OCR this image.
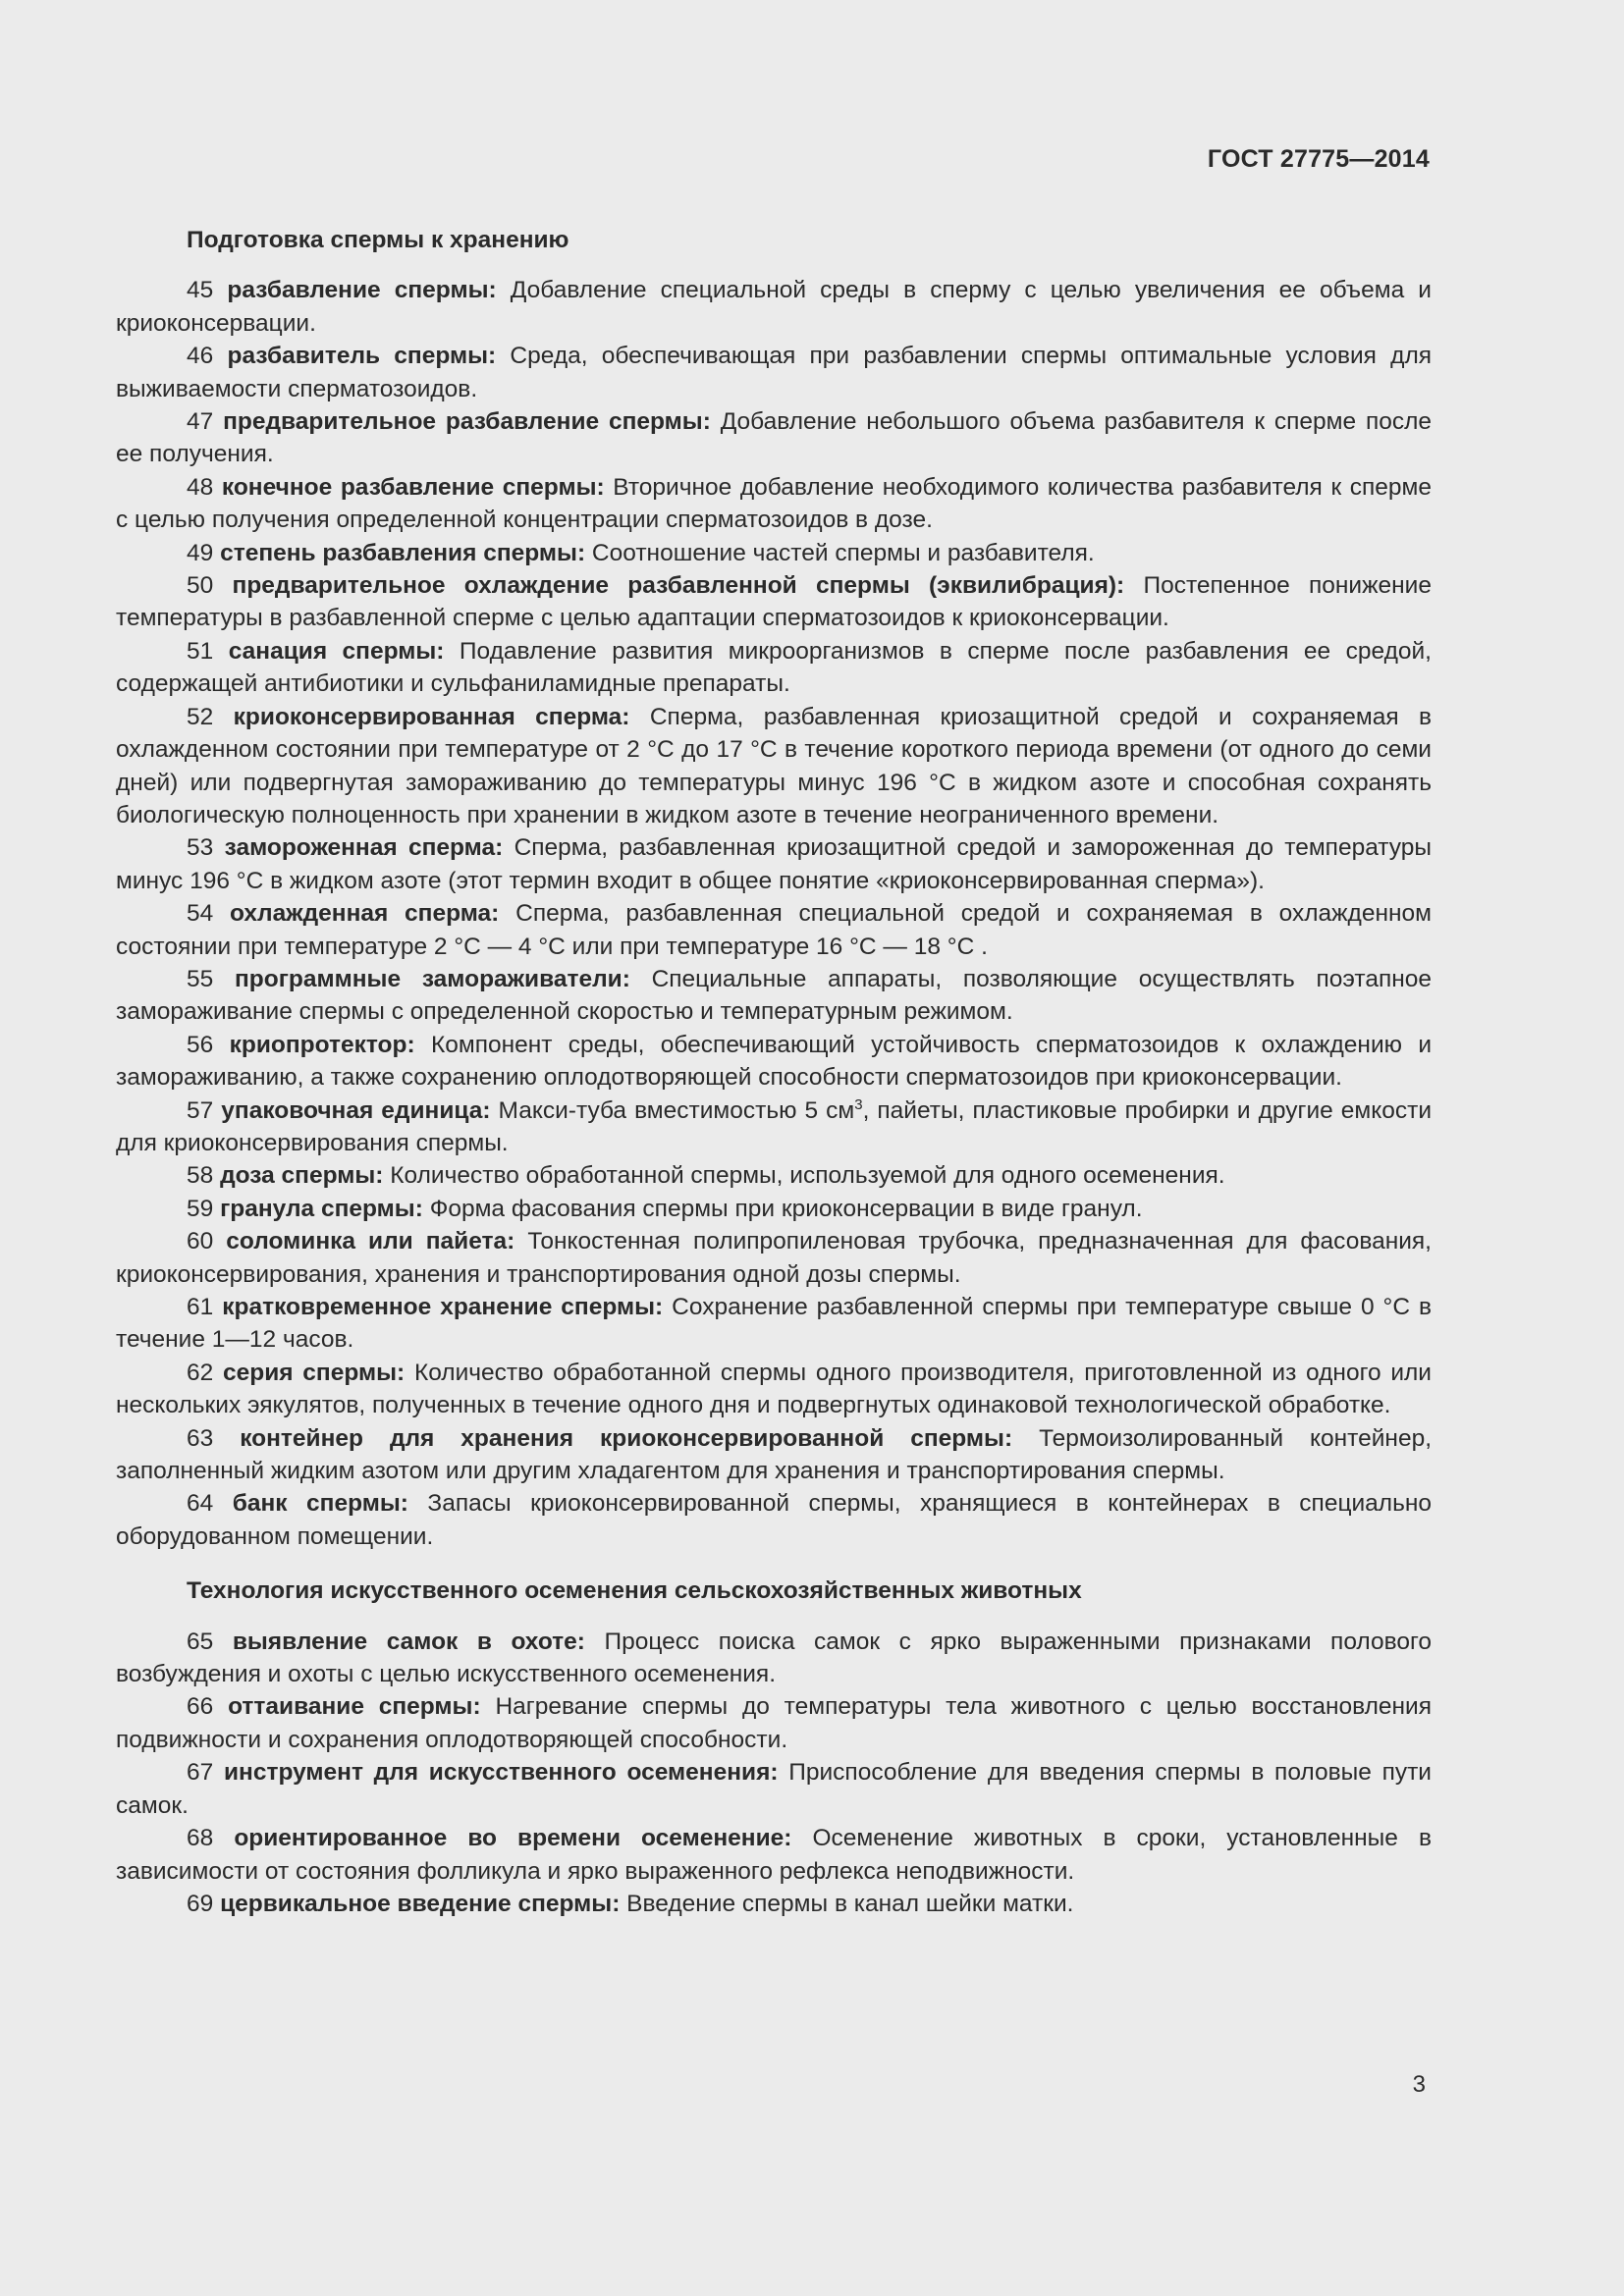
ГОСТ 27775—2014

Подготовка спермы к хранению

45 разбавление спермы: Добавление специальной среды в сперму с целью увеличения ее объема и криоконсервации.

46 разбавитель спермы: Среда, обеспечивающая при разбавлении спермы оптимальные условия для выживаемости сперматозоидов.

47 предварительное разбавление спермы: Добавление небольшого объема разбавителя к сперме после ее получения.

48 конечное разбавление спермы: Вторичное добавление необходимого количества разбавителя к сперме с целью получения определенной концентрации сперматозоидов в дозе.

49 степень разбавления спермы: Соотношение частей спермы и разбавителя.

50 предварительное охлаждение разбавленной спермы (эквилибрация): Постепенное понижение температуры в разбавленной сперме с целью адаптации сперматозоидов к криоконсервации.

51 санация спермы: Подавление развития микроорганизмов в сперме после разбавления ее средой, содержащей антибиотики и сульфаниламидные препараты.

52 криоконсервированная сперма: Сперма, разбавленная криозащитной средой и сохраняемая в охлажденном состоянии при температуре от 2 °С до 17 °С в течение короткого периода времени (от одного до семи дней) или подвергнутая замораживанию до температуры минус 196 °С в жидком азоте и способная сохранять биологическую полноценность при хранении в жидком азоте в течение неограниченного времени.

53 замороженная сперма: Сперма, разбавленная криозащитной средой и замороженная до температуры минус 196 °С в жидком азоте (этот термин входит в общее понятие «криоконсервированная сперма»).

54 охлажденная сперма: Сперма, разбавленная специальной средой и сохраняемая в охлажденном состоянии при температуре 2 °С — 4 °С или при температуре 16 °С — 18 °С .

55 программные замораживатели: Специальные аппараты, позволяющие осуществлять поэтапное замораживание спермы с определенной скоростью и температурным режимом.

56 криопротектор: Компонент среды, обеспечивающий устойчивость сперматозоидов к охлаждению и замораживанию, а также сохранению оплодотворяющей способности сперматозоидов при криоконсервации.

57 упаковочная единица: Макси-туба вместимостью 5 $см^3$, пайеты, пластиковые пробирки и другие емкости для криоконсервирования спермы.

58 доза спермы: Количество обработанной спермы, используемой для одного осеменения.

59 гранула спермы: Форма фасования спермы при криоконсервации в виде гранул.

60 соломинка или пайета: Тонкостенная полипропиленовая трубочка, предназначенная для фасования, криоконсервирования, хранения и транспортирования одной дозы спермы.

61 кратковременное хранение спермы: Сохранение разбавленной спермы при температуре свыше 0 °С в течение 1—12 часов.

62 серия спермы: Количество обработанной спермы одного производителя, приготовленной из одного или нескольких эякулятов, полученных в течение одного дня и подвергнутых одинаковой технологической обработке.

63 контейнер для хранения криоконсервированной спермы: Термоизолированный контейнер, заполненный жидким азотом или другим хладагентом для хранения и транспортирования спермы.

64 банк спермы: Запасы криоконсервированной спермы, хранящиеся в контейнерах в специально оборудованном помещении.

Технология искусственного осеменения сельскохозяйственных животных

65 выявление самок в охоте: Процесс поиска самок с ярко выраженными признаками полового возбуждения и охоты с целью искусственного осеменения.

66 оттаивание спермы: Нагревание спермы до температуры тела животного с целью восстановления подвижности и сохранения оплодотворяющей способности.

67 инструмент для искусственного осеменения: Приспособление для введения спермы в половые пути самок.

68 ориентированное во времени осеменение: Осеменение животных в сроки, установленные в зависимости от состояния фолликула и ярко выраженного рефлекса неподвижности.

69 цервикальное введение спермы: Введение спермы в канал шейки матки.

3
